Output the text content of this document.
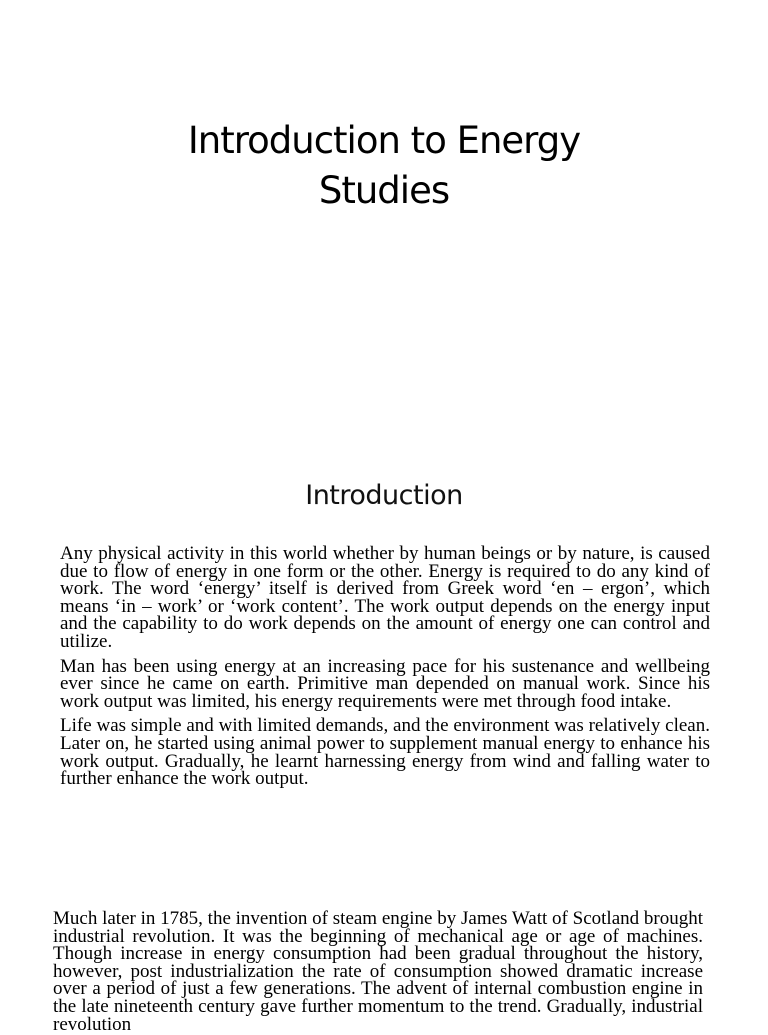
Introduction to Energy
Studies
Introduction

Any physical activity in this world whether by human beings or by nature, is caused due to flow of energy in one form or the other. Energy is required to do any kind of work. The word ‘energy’ itself is derived from Greek word ‘en – ergon’, which means ‘in – work’ or ‘work content’. The work output depends on the energy input and the capability to do work depends on the amount of energy one can control and utilize.

Man has been using energy at an increasing pace for his sustenance and wellbeing ever since he came on earth. Primitive man depended on manual work. Since his work output was limited, his energy requirements were met through food intake.

Life was simple and with limited demands, and the environment was relatively clean. Later on, he started using animal power to supplement manual energy to enhance his work output. Gradually, he learnt harnessing energy from wind and falling water to further enhance the work output.

Much later in 1785, the invention of steam engine by James Watt of Scotland brought industrial revolution. It was the beginning of mechanical age or age of machines. Though increase in energy consumption had been gradual throughout the history, however, post industrialization the rate of consumption showed dramatic increase over a period of just a few generations. The advent of internal combustion engine in the late nineteenth century gave further momentum to the trend. Gradually, industrial revolution
